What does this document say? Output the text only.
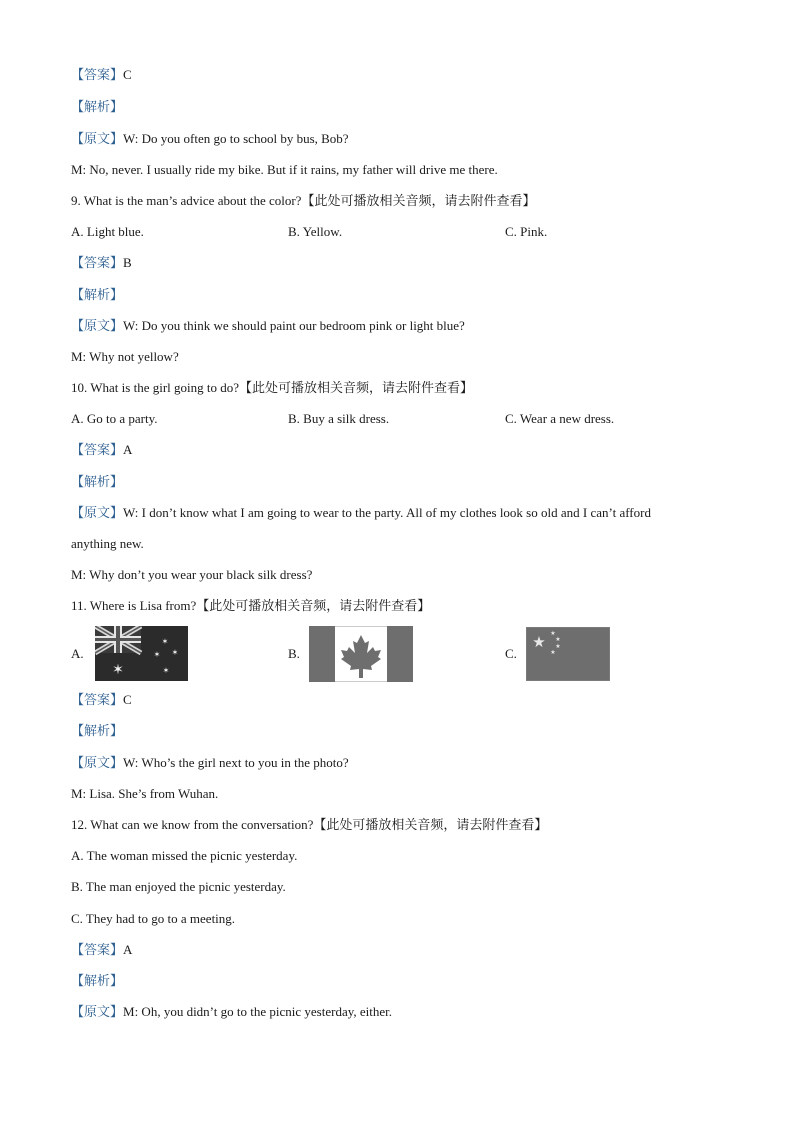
【答案】C
【解析】
【原文】W: Do you often go to school by bus, Bob?
M: No, never. I usually ride my bike. But if it rains, my father will drive me there.
9. What is the man’s advice about the color?【此处可播放相关音频，请去附件查看】
A. Light blue.	B. Yellow.	C. Pink.
【答案】B
【解析】
【原文】W: Do you think we should paint our bedroom pink or light blue?
M: Why not yellow?
10. What is the girl going to do?【此处可播放相关音频，请去附件查看】
A. Go to a party.	B. Buy a silk dress.	C. Wear a new dress.
【答案】A
【解析】
【原文】W: I don’t know what I am going to wear to the party. All of my clothes look so old and I can’t afford
anything new.
M: Why don’t you wear your black silk dress?
11. Where is Lisa from?【此处可播放相关音频，请去附件查看】
A.	B.	C.
✶
✶
✶ ✶
✶
★ ★
★
★
★
【答案】C
【解析】
【原文】W: Who’s the girl next to you in the photo?
M: Lisa. She’s from Wuhan.
12. What can we know from the conversation?【此处可播放相关音频，请去附件查看】
A. The woman missed the picnic yesterday.
B. The man enjoyed the picnic yesterday.
C. They had to go to a meeting.
【答案】A
【解析】
【原文】M: Oh, you didn’t go to the picnic yesterday, either.
